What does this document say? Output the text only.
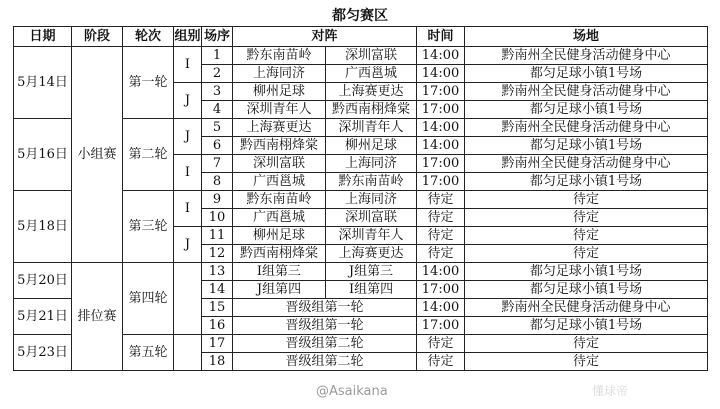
都匀赛区
日期	阶段	轮次	组别	场序	对阵		时间	场地
5月14日	小组赛	第一轮	I	1	黔东南苗岭	深圳富联	14:00	黔南州全民健身活动健身中心
				2	上海同济	广西邕城	14:00	都匀足球小镇1号场
			J	3	柳州足球	上海赛更达	17:00	黔南州全民健身活动健身中心
				4	深圳青年人	黔西南栩烽棠	17:00	都匀足球小镇1号场
5月16日		第二轮	J	5	上海赛更达	深圳青年人	14:00	黔南州全民健身活动健身中心
				6	黔西南栩烽棠	柳州足球	14:00	都匀足球小镇1号场
			I	7	深圳富联	上海同济	17:00	黔南州全民健身活动健身中心
				8	广西邕城	黔东南苗岭	17:00	都匀足球小镇1号场
5月18日		第三轮	I	9	黔东南苗岭	上海同济	待定	待定
				10	广西邕城	深圳富联	待定	待定
			J	11	柳州足球	深圳青年人	待定	待定
				12	黔西南栩烽棠	上海赛更达	待定	待定
5月20日	排位赛	第四轮		13	I组第三	J组第三	14:00	都匀足球小镇1号场
				14	J组第四	I组第四	17:00	都匀足球小镇1号场
5月21日				15	晋级组第一轮		14:00	黔南州全民健身活动健身中心
				16	晋级组第一轮		17:00	都匀足球小镇1号场
5月23日		第五轮		17	晋级组第二轮		待定	待定
				18	晋级组第二轮		待定	待定
@Asaikana	懂球帝
